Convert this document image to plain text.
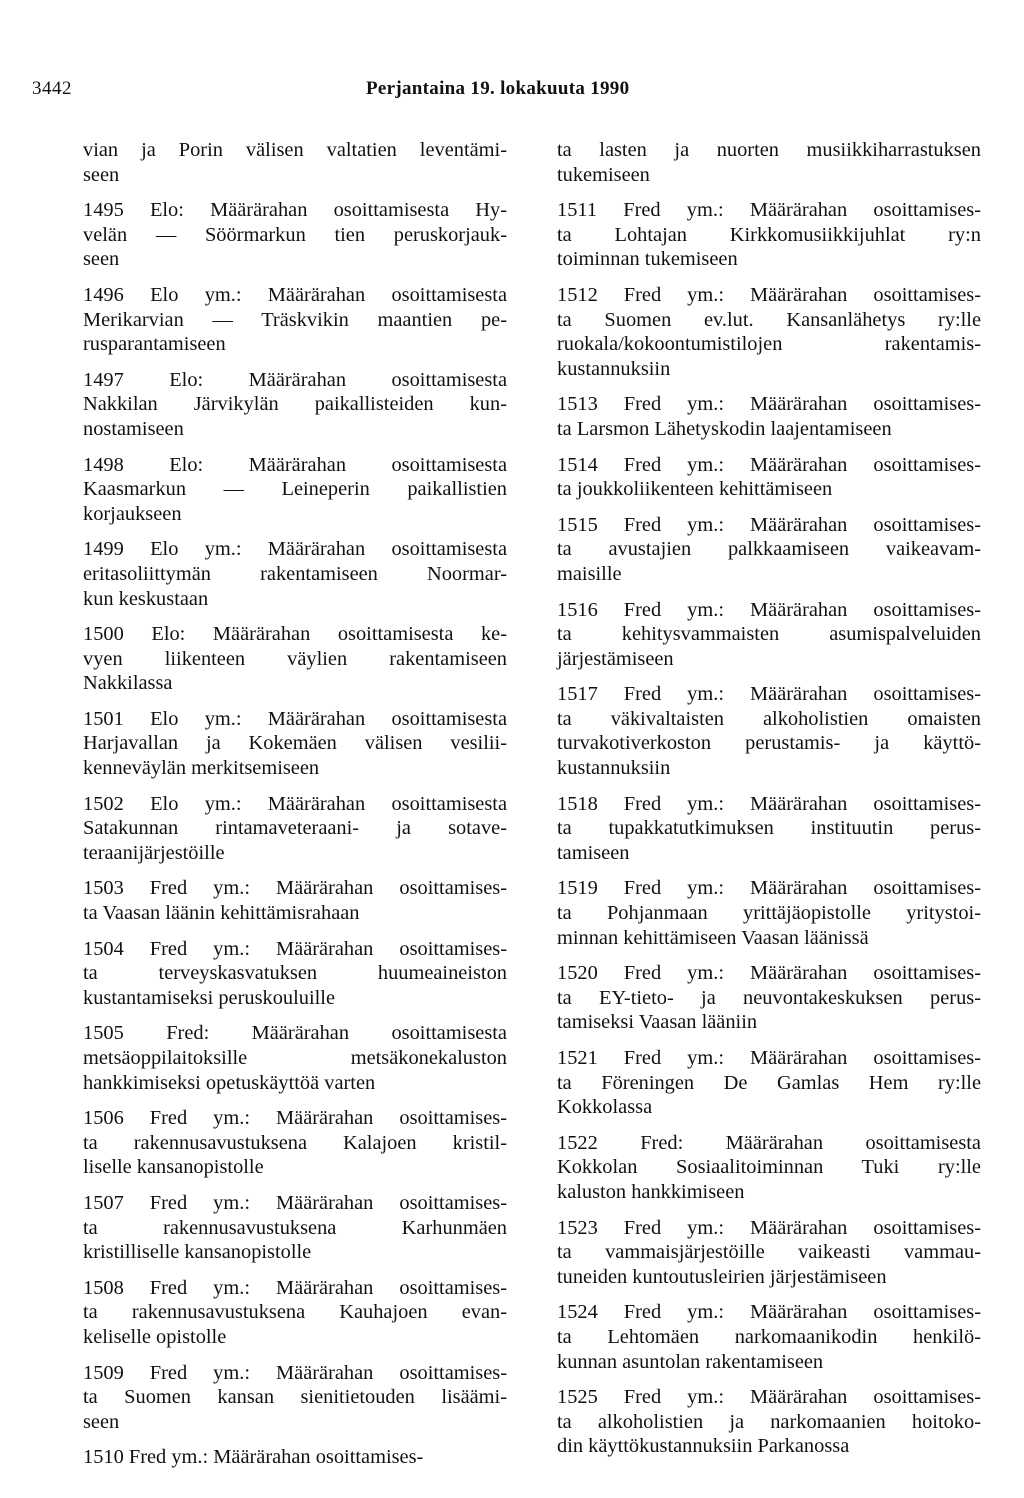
3442	Perjantaina 19. lokakuuta 1990
vian ja Porin välisen valtatien leventämi-
seen
1495 Elo: Määrärahan osoittamisesta Hy-
velän — Söörmarkun tien peruskorjauk-
seen
1496 Elo ym.: Määrärahan osoittamisesta
Merikarvian — Träskvikin maantien pe-
rusparantamiseen
1497 Elo: Määrärahan osoittamisesta
Nakkilan Järvikylän paikallisteiden kun-
nostamiseen
1498 Elo: Määrärahan osoittamisesta
Kaasmarkun — Leineperin paikallistien
korjaukseen
1499 Elo ym.: Määrärahan osoittamisesta
eritasoliittymän rakentamiseen Noormar-
kun keskustaan
1500 Elo: Määrärahan osoittamisesta ke-
vyen liikenteen väylien rakentamiseen
Nakkilassa
1501 Elo ym.: Määrärahan osoittamisesta
Harjavallan ja Kokemäen välisen vesilii-
kenneväylän merkitsemiseen
1502 Elo ym.: Määrärahan osoittamisesta
Satakunnan rintamaveteraani- ja sotave-
teraanijärjestöille
1503 Fred ym.: Määrärahan osoittamises-
ta Vaasan läänin kehittämisrahaan
1504 Fred ym.: Määrärahan osoittamises-
ta terveyskasvatuksen huumeaineiston
kustantamiseksi peruskouluille
1505 Fred: Määrärahan osoittamisesta
metsäoppilaitoksille metsäkonekaluston
hankkimiseksi opetuskäyttöä varten
1506 Fred ym.: Määrärahan osoittamises-
ta rakennusavustuksena Kalajoen kristil-
liselle kansanopistolle
1507 Fred ym.: Määrärahan osoittamises-
ta rakennusavustuksena Karhunmäen
kristilliselle kansanopistolle
1508 Fred ym.: Määrärahan osoittamises-
ta rakennusavustuksena Kauhajoen evan-
keliselle opistolle
1509 Fred ym.: Määrärahan osoittamises-
ta Suomen kansan sienitietouden lisäämi-
seen
1510 Fred ym.: Määrärahan osoittamises-
ta lasten ja nuorten musiikkiharrastuksen
tukemiseen
1511 Fred ym.: Määrärahan osoittamises-
ta Lohtajan Kirkkomusiikkijuhlat ry:n
toiminnan tukemiseen
1512 Fred ym.: Määrärahan osoittamises-
ta Suomen ev.lut. Kansanlähetys ry:lle
ruokala/kokoontumistilojen rakentamis-
kustannuksiin
1513 Fred ym.: Määrärahan osoittamises-
ta Larsmon Lähetyskodin laajentamiseen
1514 Fred ym.: Määrärahan osoittamises-
ta joukkoliikenteen kehittämiseen
1515 Fred ym.: Määrärahan osoittamises-
ta avustajien palkkaamiseen vaikeavam-
maisille
1516 Fred ym.: Määrärahan osoittamises-
ta kehitysvammaisten asumispalveluiden
järjestämiseen
1517 Fred ym.: Määrärahan osoittamises-
ta väkivaltaisten alkoholistien omaisten
turvakotiverkoston perustamis- ja käyttö-
kustannuksiin
1518 Fred ym.: Määrärahan osoittamises-
ta tupakkatutkimuksen instituutin perus-
tamiseen
1519 Fred ym.: Määrärahan osoittamises-
ta Pohjanmaan yrittäjäopistolle yritystoi-
minnan kehittämiseen Vaasan läänissä
1520 Fred ym.: Määrärahan osoittamises-
ta EY-tieto- ja neuvontakeskuksen perus-
tamiseksi Vaasan lääniin
1521 Fred ym.: Määrärahan osoittamises-
ta Föreningen De Gamlas Hem ry:lle
Kokkolassa
1522 Fred: Määrärahan osoittamisesta
Kokkolan Sosiaalitoiminnan Tuki ry:lle
kaluston hankkimiseen
1523 Fred ym.: Määrärahan osoittamises-
ta vammaisjärjestöille vaikeasti vammau-
tuneiden kuntoutusleirien järjestämiseen
1524 Fred ym.: Määrärahan osoittamises-
ta Lehtomäen narkomaanikodin henkilö-
kunnan asuntolan rakentamiseen
1525 Fred ym.: Määrärahan osoittamises-
ta alkoholistien ja narkomaanien hoitoko-
din käyttökustannuksiin Parkanossa
